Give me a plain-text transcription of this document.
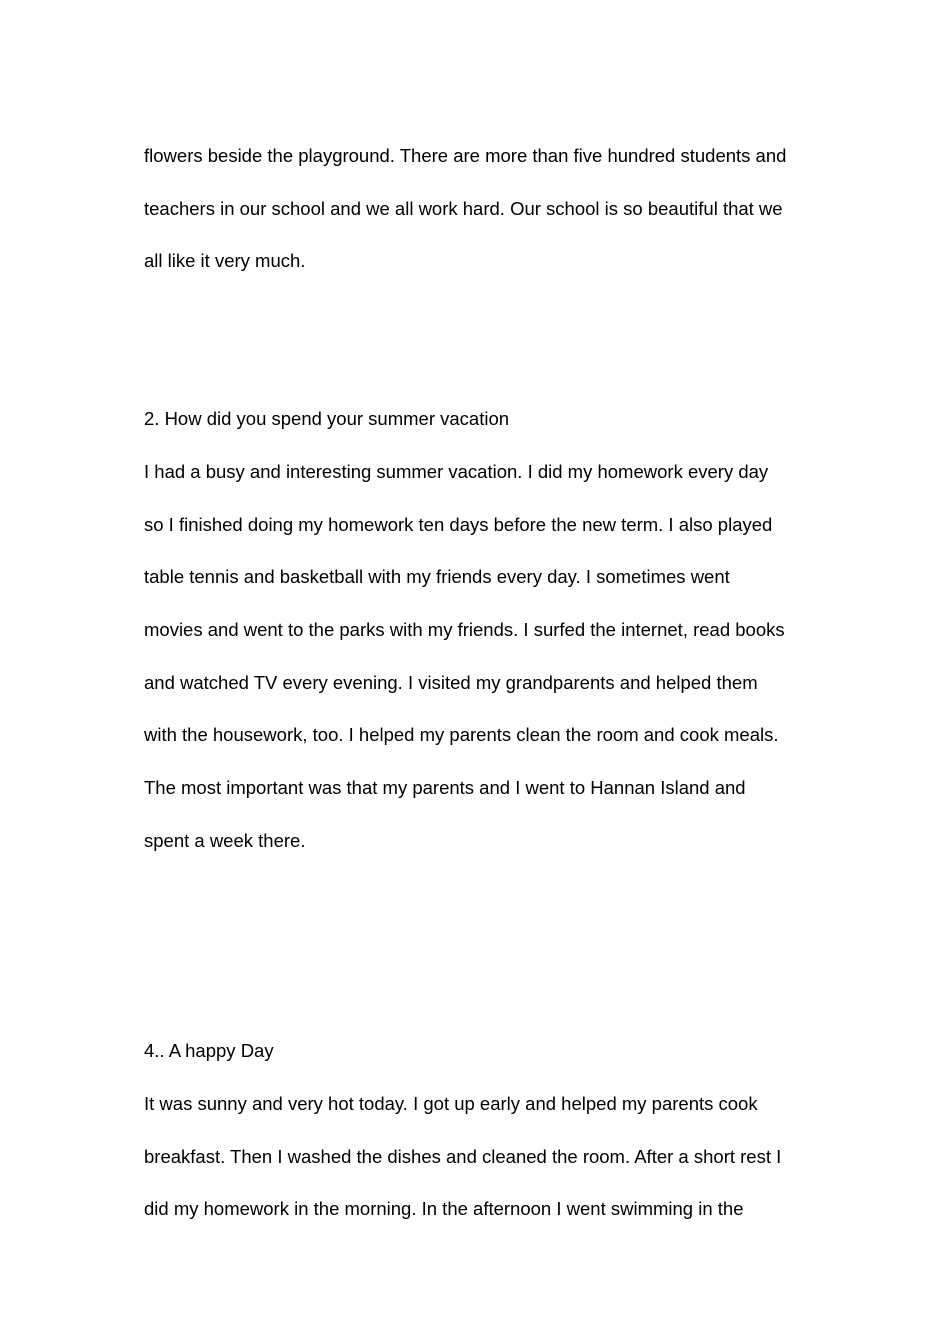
flowers beside the playground. There are more than five hundred students and

teachers in our school and we all work hard. Our school is so beautiful that we

all like it very much.

2. How did you spend your summer vacation

I had a busy and interesting summer vacation. I did my homework every day

so I finished doing my homework ten days before the new term. I also played

table tennis and basketball with my friends every day. I sometimes went

movies and went to the parks with my friends. I surfed the internet, read books

and watched TV every evening. I visited my grandparents and helped them

with the housework, too. I helped my parents clean the room and cook meals.

The most important was that my parents and I went to Hannan Island and

spent a week there.

4.. A happy Day

It was sunny and very hot today. I got up early and helped my parents cook

breakfast. Then I washed the dishes and cleaned the room. After a short rest I

did my homework in the morning. In the afternoon I went swimming in the
